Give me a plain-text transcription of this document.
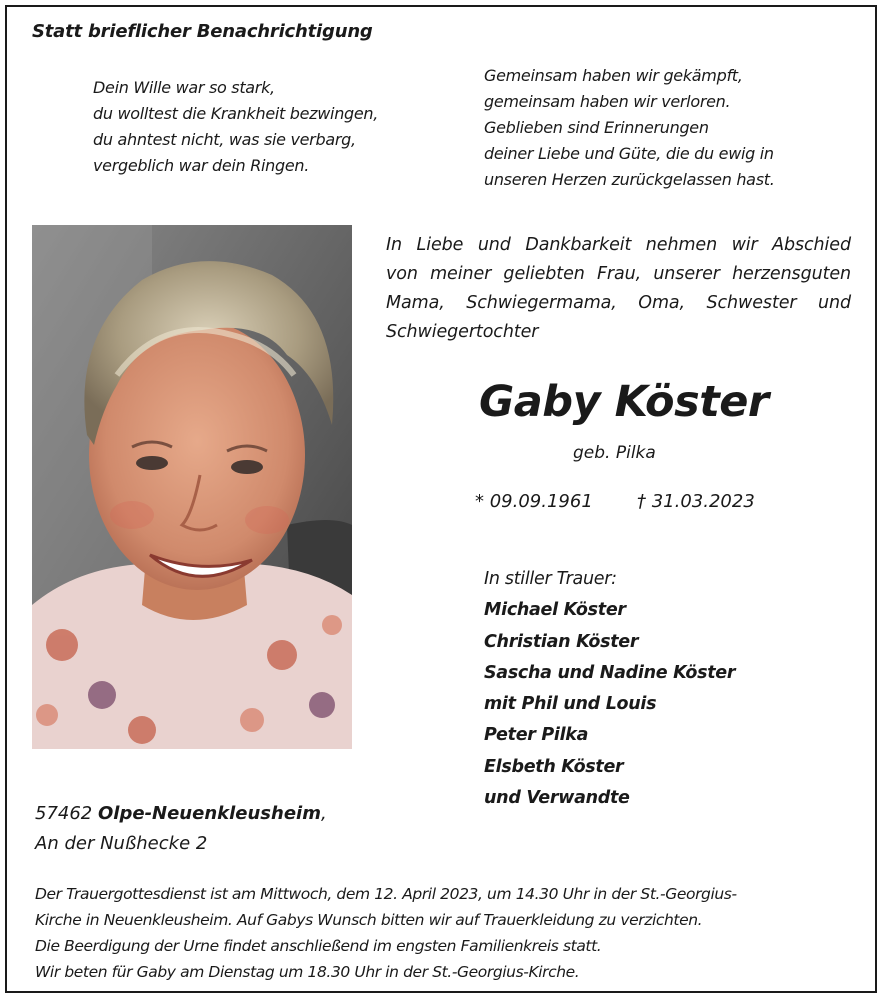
Statt brieflicher Benachrichtigung
Dein Wille war so stark,
du wolltest die Krankheit bezwingen,
du ahntest nicht, was sie verbarg,
vergeblich war dein Ringen.
Gemeinsam haben wir gekämpft,
gemeinsam haben wir verloren.
Geblieben sind Erinnerungen
deiner Liebe und Güte, die du ewig in
unseren Herzen zurückgelassen hast.
In Liebe und Dankbarkeit nehmen wir Abschied
von meiner geliebten Frau, unserer herzensguten
Mama, Schwiegermama, Oma, Schwester und
Schwiegertochter
Gaby Köster
geb. Pilka
* 09.09.1961 † 31.03.2023
In stiller Trauer:
Michael Köster
Christian Köster
Sascha und Nadine Köster
mit Phil und Louis
Peter Pilka
Elsbeth Köster
und Verwandte
57462 Olpe-Neuenkleusheim,
An der Nußhecke 2
Der Trauergottesdienst ist am Mittwoch, dem 12. April 2023, um 14.30 Uhr in der St.-Georgius-
Kirche in Neuenkleusheim. Auf Gabys Wunsch bitten wir auf Trauerkleidung zu verzichten.
Die Beerdigung der Urne findet anschließend im engsten Familienkreis statt.
Wir beten für Gaby am Dienstag um 18.30 Uhr in der St.-Georgius-Kirche.
